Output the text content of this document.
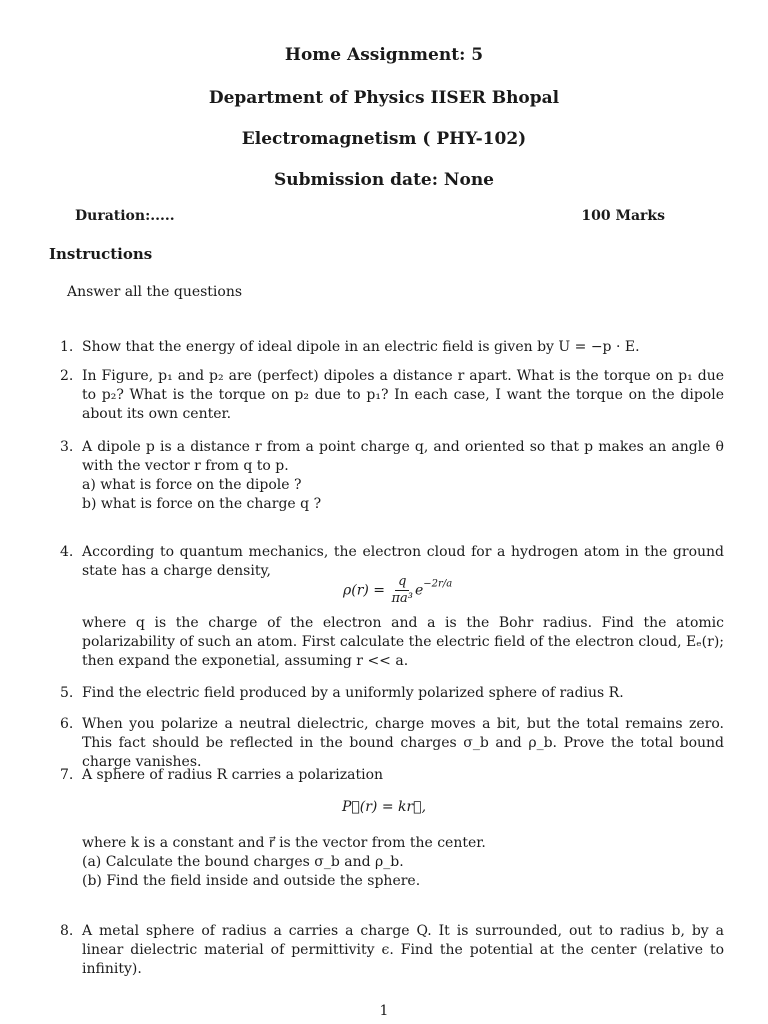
Home Assignment: 5
Department of Physics IISER Bhopal
Electromagnetism ( PHY-102)
Submission date: None
Duration:.....	100 Marks
Instructions
Answer all the questions
1. Show that the energy of ideal dipole in an electric field is given by U = −p · E.
2. In Figure, p₁ and p₂ are (perfect) dipoles a distance r apart. What is the torque on p₁ due to p₂? What is the torque on p₂ due to p₁? In each case, I want the torque on the dipole about its own center.
3. A dipole p is a distance r from a point charge q, and oriented so that p makes an angle θ with the vector r from q to p.
a) what is force on the dipole ?
b) what is force on the charge q ?
4. According to quantum mechanics, the electron cloud for a hydrogen atom in the ground state has a charge density,
$\rho(r) = \frac{q}{\text{πa³}} e^{-2r/a}$
where q is the charge of the electron and a is the Bohr radius. Find the atomic polarizability of such an atom. First calculate the electric field of the electron cloud, Eₑ(r); then expand the exponetial, assuming r << a.
5. Find the electric field produced by a uniformly polarized sphere of radius R.
6. When you polarize a neutral dielectric, charge moves a bit, but the total remains zero. This fact should be reflected in the bound charges σ_b and ρ_b. Prove the total bound charge vanishes.
7. A sphere of radius R carries a polarization
P⃗(r) = kr⃗,
where k is a constant and r⃗ is the vector from the center.
(a) Calculate the bound charges σ_b and ρ_b.
(b) Find the field inside and outside the sphere.
8. A metal sphere of radius a carries a charge Q. It is surrounded, out to radius b, by a linear dielectric material of permittivity ϵ. Find the potential at the center (relative to infinity).
1
